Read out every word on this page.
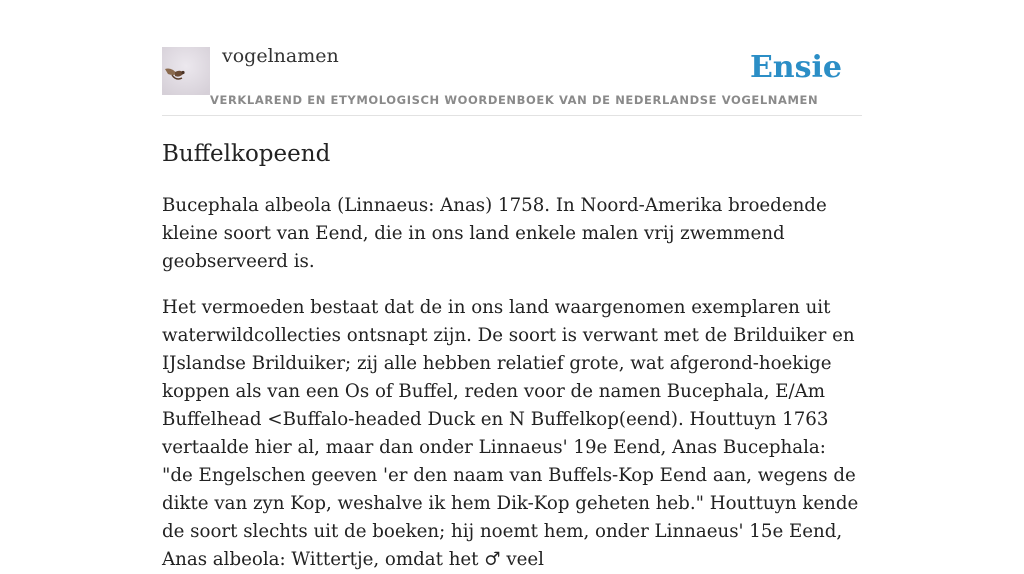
vogelnamen
VERKLAREND EN ETYMOLOGISCH WOORDENBOEK VAN DE NEDERLANDSE VOGELNAMEN
Ensie
Buffelkopeend

Bucephala albeola (Linnaeus: Anas) 1758. In Noord-Amerika broedende kleine soort van Eend, die in ons land enkele malen vrij zwemmend geobserveerd is.

Het vermoeden bestaat dat de in ons land waargenomen exemplaren uit waterwildcollecties ontsnapt zijn. De soort is verwant met de Brilduiker en IJslandse Brilduiker; zij alle hebben relatief grote, wat afgerond-hoekige koppen als van een Os of Buffel, reden voor de namen Bucephala, E/Am Buffelhead <Buffalo-headed Duck en N Buffelkop(eend). Houttuyn 1763 vertaalde hier al, maar dan onder Linnaeus' 19e Eend, Anas Bucephala: "de Engelschen geeven 'er den naam van Buffels-Kop Eend aan, wegens de dikte van zyn Kop, weshalve ik hem Dik-Kop geheten heb." Houttuyn kende de soort slechts uit de boeken; hij noemt hem, onder Linnaeus' 15e Eend, Anas albeola: Wittertje, omdat het ♂ veel
